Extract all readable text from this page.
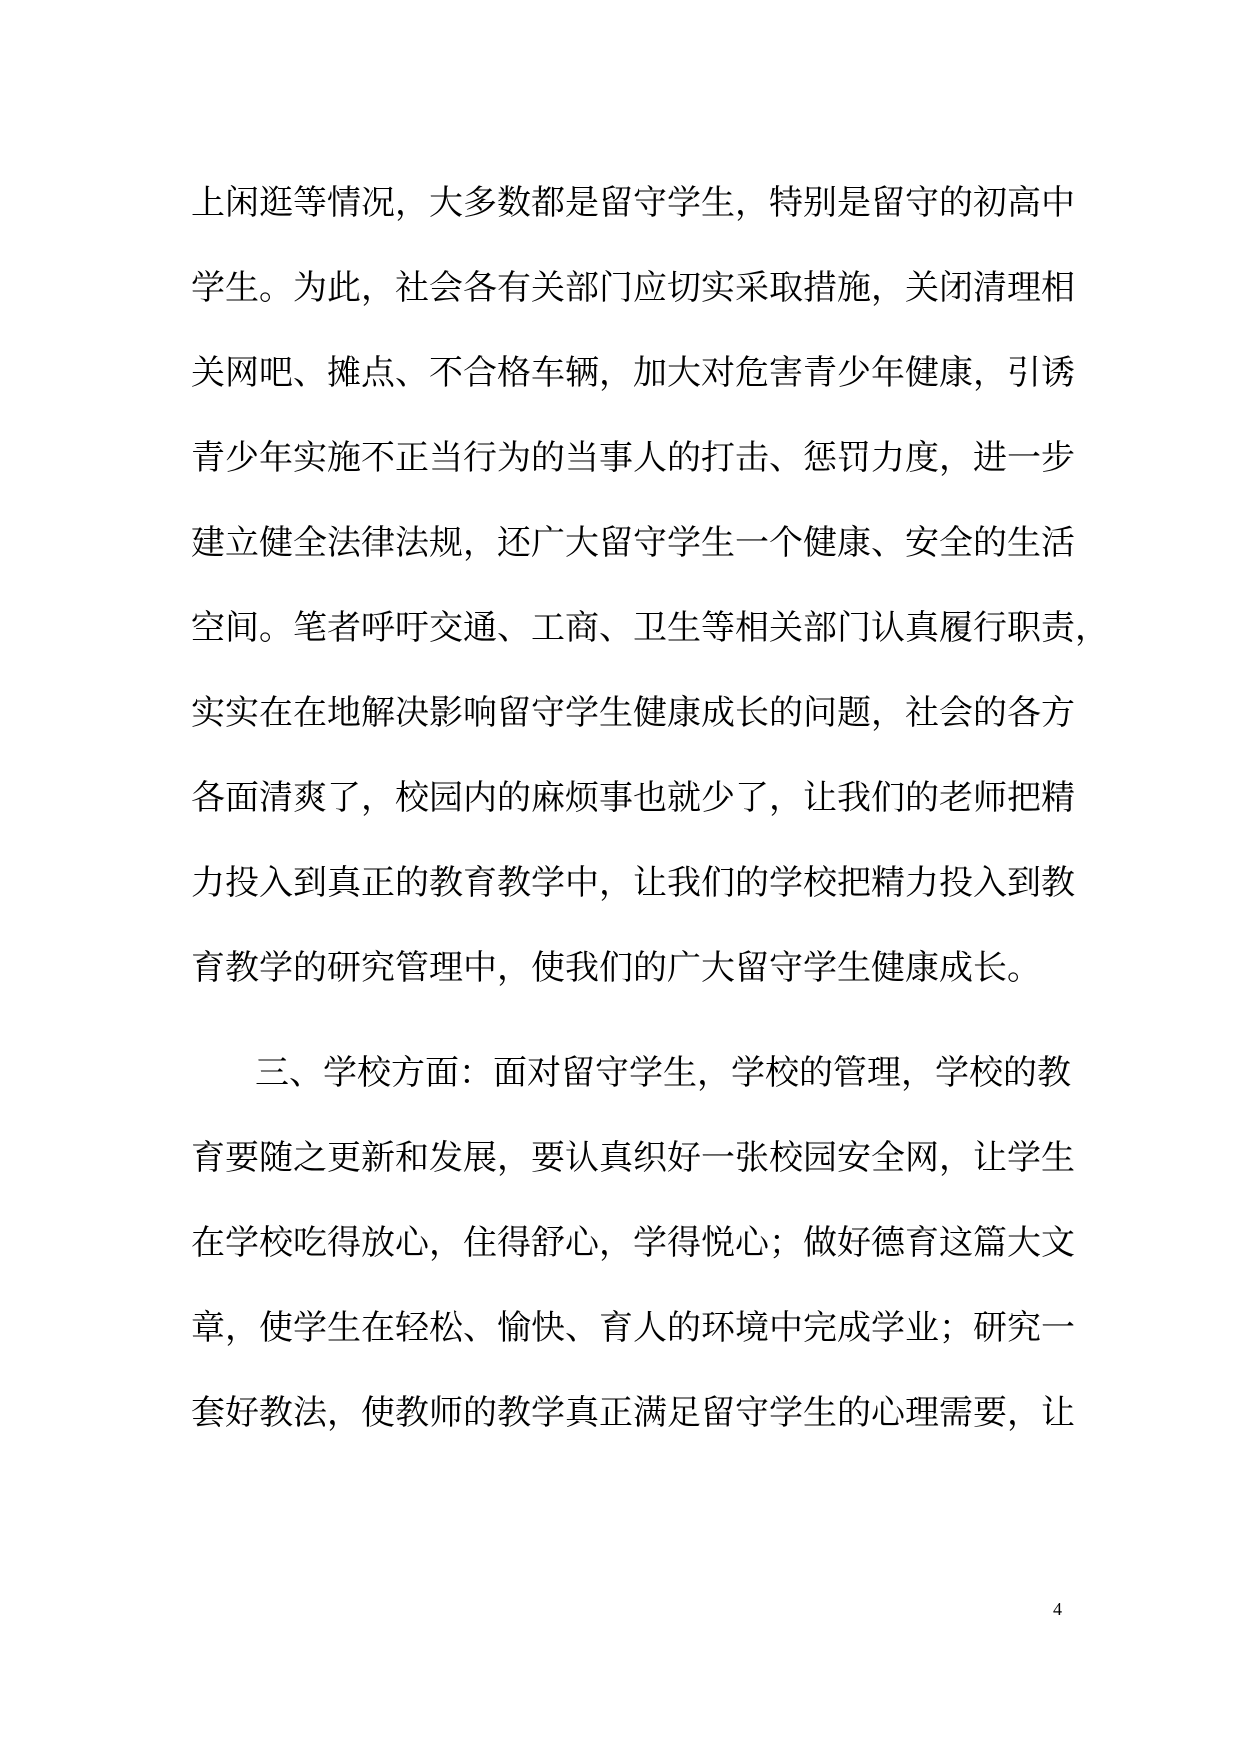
上闲逛等情况，大多数都是留守学生，特别是留守的初高中
学生。为此，社会各有关部门应切实采取措施，关闭清理相
关网吧、摊点、不合格车辆，加大对危害青少年健康，引诱
青少年实施不正当行为的当事人的打击、惩罚力度，进一步
建立健全法律法规，还广大留守学生一个健康、安全的生活
空间。笔者呼吁交通、工商、卫生等相关部门认真履行职责，
实实在在地解决影响留守学生健康成长的问题，社会的各方
各面清爽了，校园内的麻烦事也就少了，让我们的老师把精
力投入到真正的教育教学中，让我们的学校把精力投入到教
育教学的研究管理中，使我们的广大留守学生健康成长。
三、学校方面：面对留守学生，学校的管理，学校的教
育要随之更新和发展，要认真织好一张校园安全网，让学生
在学校吃得放心，住得舒心，学得悦心；做好德育这篇大文
章，使学生在轻松、愉快、育人的环境中完成学业；研究一
套好教法，使教师的教学真正满足留守学生的心理需要，让
4
